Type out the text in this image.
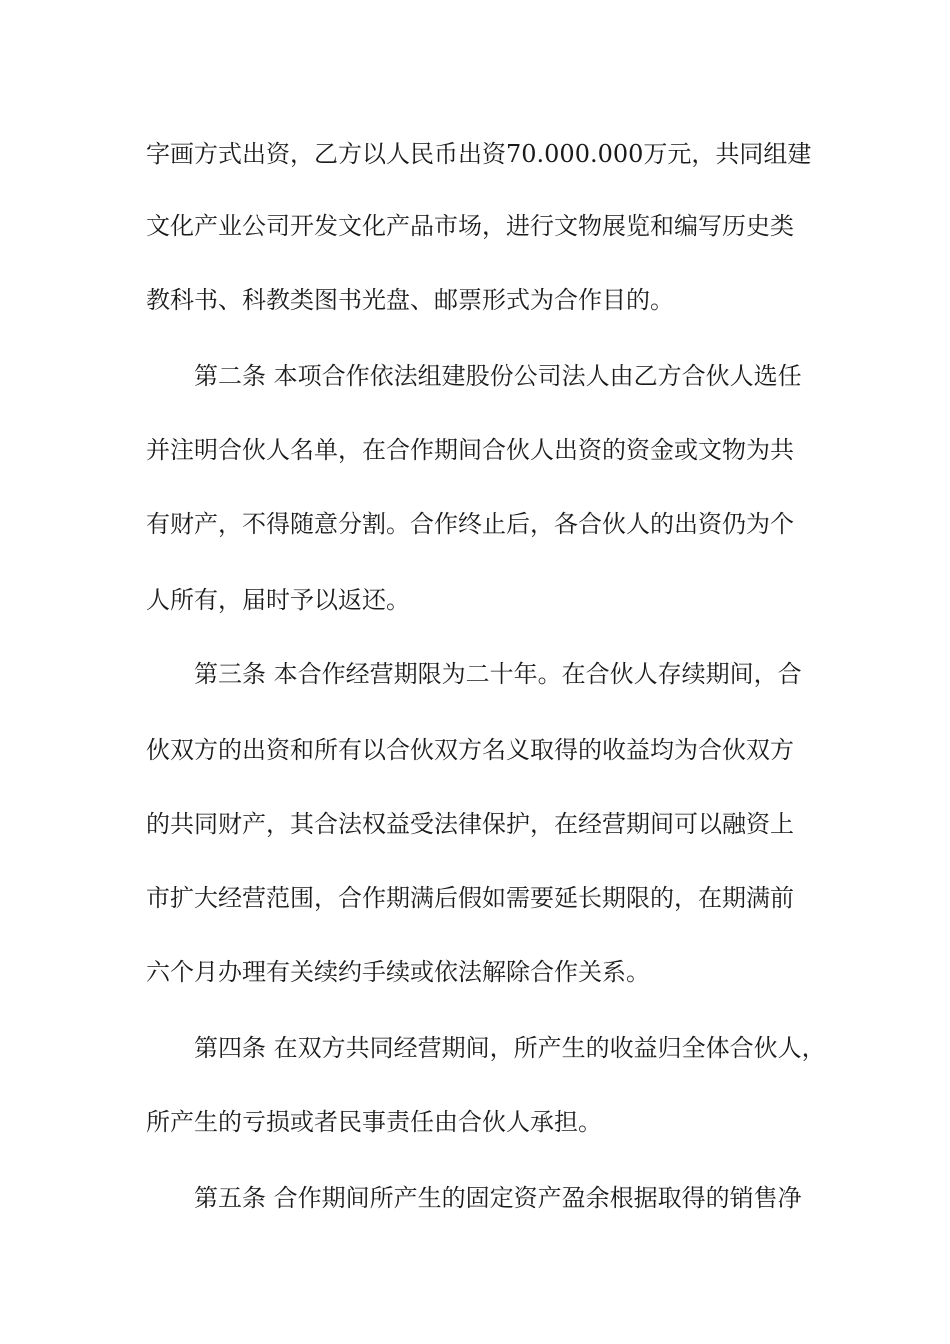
字画方式出资，乙方以人民币出资70.000.000万元，共同组建
文化产业公司开发文化产品市场，进行文物展览和编写历史类
教科书、科教类图书光盘、邮票形式为合作目的。
第二条 本项合作依法组建股份公司法人由乙方合伙人选任
并注明合伙人名单，在合作期间合伙人出资的资金或文物为共
有财产，不得随意分割。合作终止后，各合伙人的出资仍为个
人所有，届时予以返还。
第三条 本合作经营期限为二十年。在合伙人存续期间，合
伙双方的出资和所有以合伙双方名义取得的收益均为合伙双方
的共同财产，其合法权益受法律保护，在经营期间可以融资上
市扩大经营范围，合作期满后假如需要延长期限的，在期满前
六个月办理有关续约手续或依法解除合作关系。
第四条 在双方共同经营期间，所产生的收益归全体合伙人，
所产生的亏损或者民事责任由合伙人承担。
第五条 合作期间所产生的固定资产盈余根据取得的销售净
